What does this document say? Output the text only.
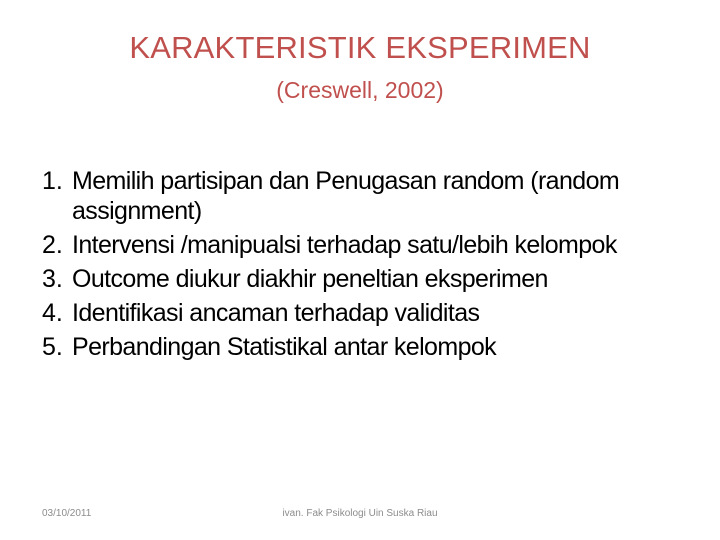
KARAKTERISTIK EKSPERIMEN
(Creswell, 2002)
1. Memilih partisipan dan Penugasan random (random assignment)
2. Intervensi /manipualsi terhadap satu/lebih kelompok
3. Outcome diukur diakhir peneltian eksperimen
4. Identifikasi ancaman terhadap validitas
5. Perbandingan Statistikal antar kelompok
03/10/2011	ivan. Fak Psikologi Uin Suska Riau
